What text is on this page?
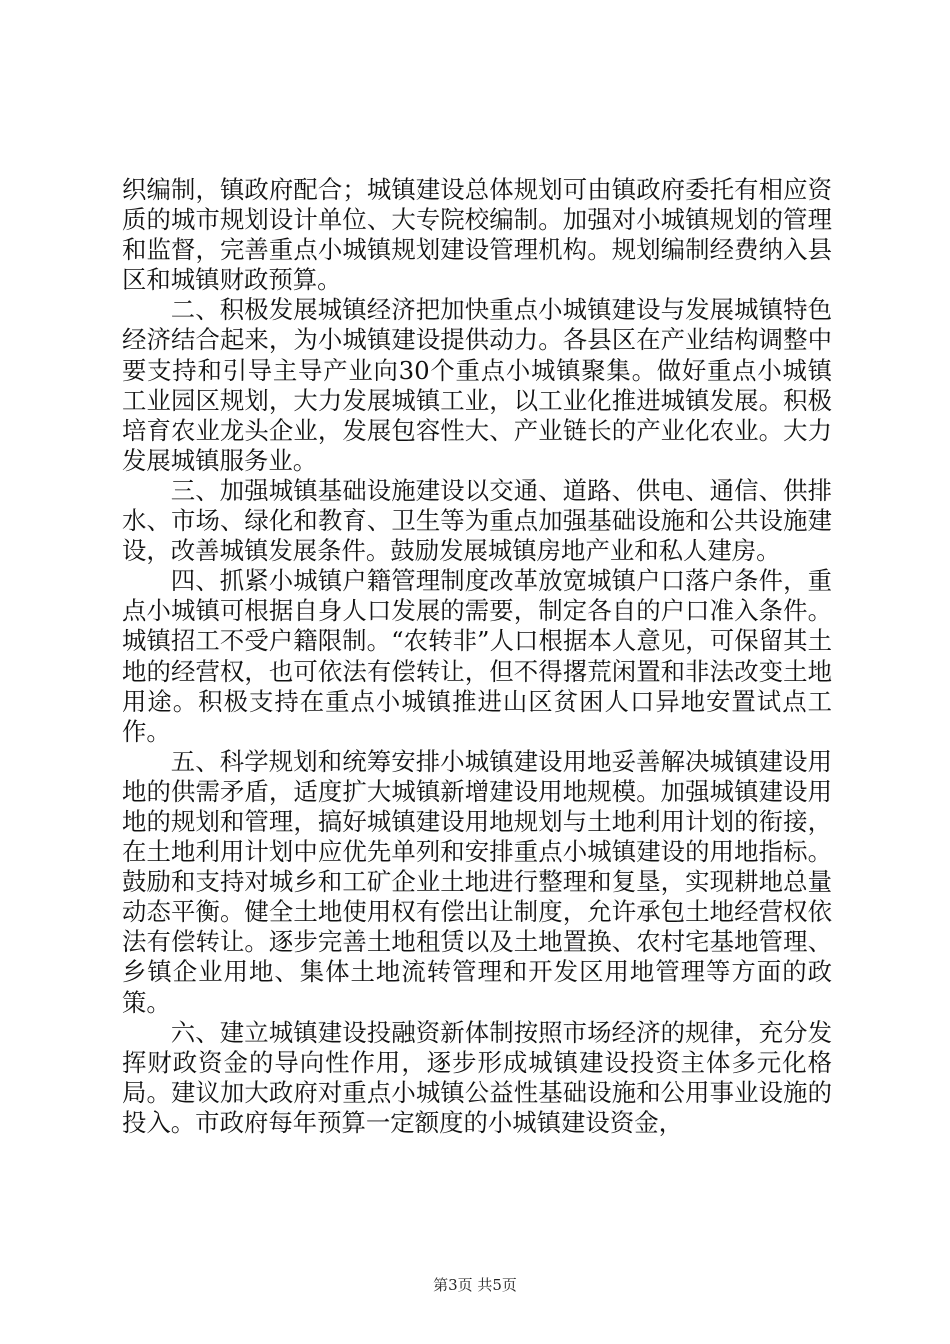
织编制，镇政府配合；城镇建设总体规划可由镇政府委托有相应资质的城市规划设计单位、大专院校编制。加强对小城镇规划的管理和监督，完善重点小城镇规划建设管理机构。规划编制经费纳入县区和城镇财政预算。

二、积极发展城镇经济把加快重点小城镇建设与发展城镇特色经济结合起来，为小城镇建设提供动力。各县区在产业结构调整中要支持和引导主导产业向30个重点小城镇聚集。做好重点小城镇工业园区规划，大力发展城镇工业，以工业化推进城镇发展。积极培育农业龙头企业，发展包容性大、产业链长的产业化农业。大力发展城镇服务业。

三、加强城镇基础设施建设以交通、道路、供电、通信、供排水、市场、绿化和教育、卫生等为重点加强基础设施和公共设施建设，改善城镇发展条件。鼓励发展城镇房地产业和私人建房。

四、抓紧小城镇户籍管理制度改革放宽城镇户口落户条件，重点小城镇可根据自身人口发展的需要，制定各自的户口准入条件。城镇招工不受户籍限制。“农转非”人口根据本人意见，可保留其土地的经营权，也可依法有偿转让，但不得撂荒闲置和非法改变土地用途。积极支持在重点小城镇推进山区贫困人口异地安置试点工作。

五、科学规划和统筹安排小城镇建设用地妥善解决城镇建设用地的供需矛盾，适度扩大城镇新增建设用地规模。加强城镇建设用地的规划和管理，搞好城镇建设用地规划与土地利用计划的衔接，在土地利用计划中应优先单列和安排重点小城镇建设的用地指标。鼓励和支持对城乡和工矿企业土地进行整理和复垦，实现耕地总量动态平衡。健全土地使用权有偿出让制度，允许承包土地经营权依法有偿转让。逐步完善土地租赁以及土地置换、农村宅基地管理、乡镇企业用地、集体土地流转管理和开发区用地管理等方面的政策。

六、建立城镇建设投融资新体制按照市场经济的规律，充分发挥财政资金的导向性作用，逐步形成城镇建设投资主体多元化格局。建议加大政府对重点小城镇公益性基础设施和公用事业设施的投入。市政府每年预算一定额度的小城镇建设资金，

第3页 共5页
